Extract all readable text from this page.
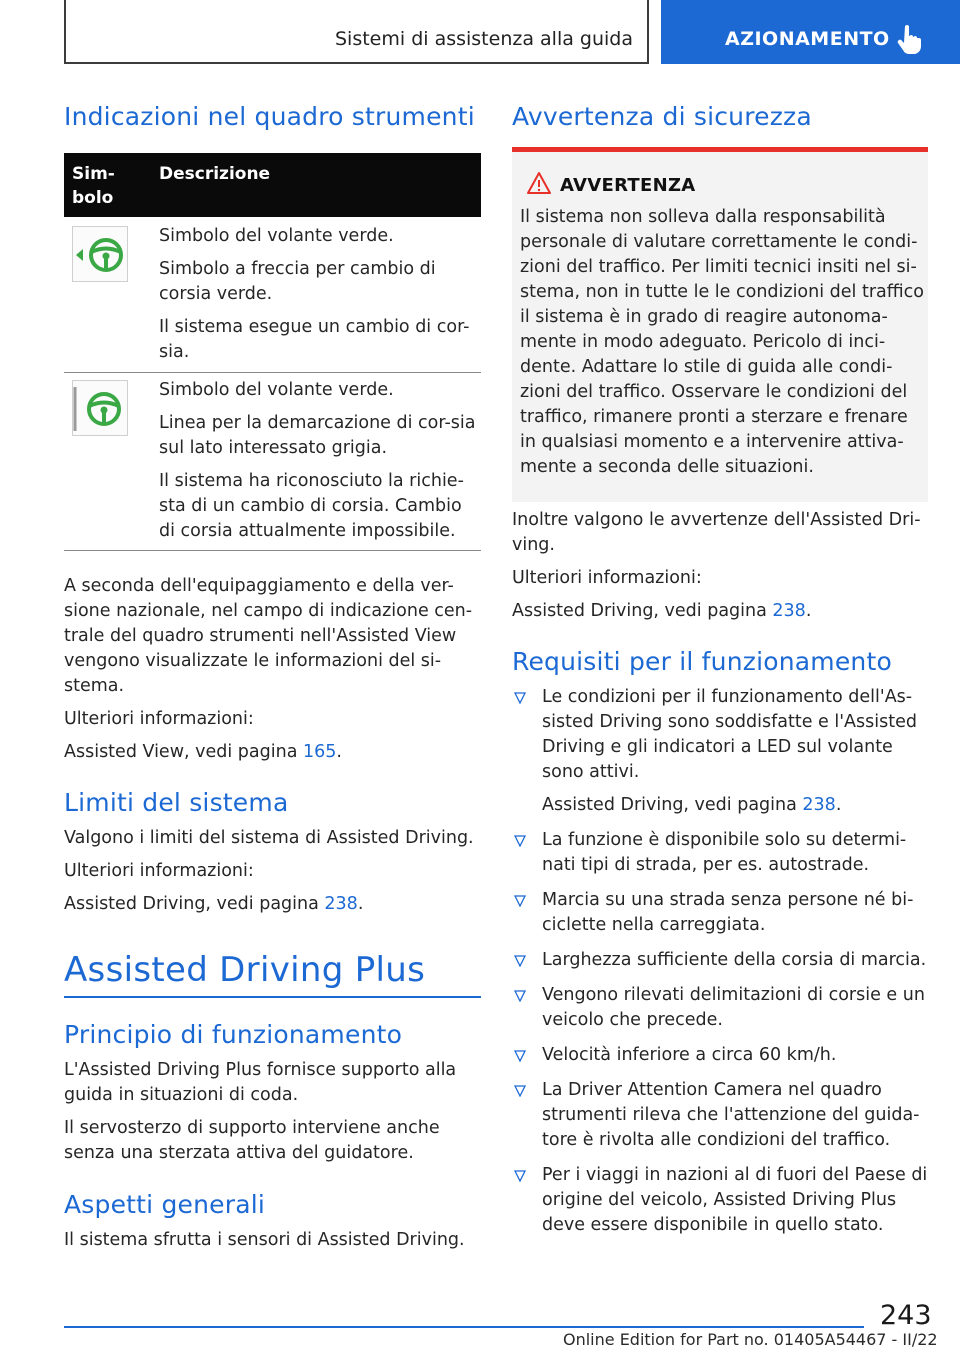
Sistemi di assistenza alla guida	AZIONAMENTO
Indicazioni nel quadro strumenti
Sim-
bolo
Descrizione
Simbolo del volante verde.
Simbolo a freccia per cambio di corsia verde.
Il sistema esegue un cambio di cor-sia.
Simbolo del volante verde.
Linea per la demarcazione di cor-sia sul lato interessato grigia.
Il sistema ha riconosciuto la richie-sta di un cambio di corsia. Cambio di corsia attualmente impossibile.
A seconda dell'equipaggiamento e della ver-sione nazionale, nel campo di indicazione cen-trale del quadro strumenti nell'Assisted View vengono visualizzate le informazioni del si-stema.
Ulteriori informazioni:
Assisted View, vedi pagina 165.
Limiti del sistema
Valgono i limiti del sistema di Assisted Driving.
Ulteriori informazioni:
Assisted Driving, vedi pagina 238.
Assisted Driving Plus
Principio di funzionamento
L'Assisted Driving Plus fornisce supporto alla guida in situazioni di coda.
Il servosterzo di supporto interviene anche senza una sterzata attiva del guidatore.
Aspetti generali
Il sistema sfrutta i sensori di Assisted Driving.
Avvertenza di sicurezza
AVVERTENZA
Il sistema non solleva dalla responsabilità personale di valutare correttamente le condi-zioni del traffico. Per limiti tecnici insiti nel si-stema, non in tutte le le condizioni del traffico il sistema è in grado di reagire autonoma-mente in modo adeguato. Pericolo di inci-dente. Adattare lo stile di guida alle condi-zioni del traffico. Osservare le condizioni del traffico, rimanere pronti a sterzare e frenare in qualsiasi momento e a intervenire attiva-mente a seconda delle situazioni.
Inoltre valgono le avvertenze dell'Assisted Dri-ving.
Ulteriori informazioni:
Assisted Driving, vedi pagina 238.
Requisiti per il funzionamento
Le condizioni per il funzionamento dell'As-sisted Driving sono soddisfatte e l'Assisted Driving e gli indicatori a LED sul volante sono attivi.
Assisted Driving, vedi pagina 238.
La funzione è disponibile solo su determi-nati tipi di strada, per es. autostrade.
Marcia su una strada senza persone né bi-ciclette nella carreggiata.
Larghezza sufficiente della corsia di marcia.
Vengono rilevati delimitazioni di corsie e un veicolo che precede.
Velocità inferiore a circa 60 km/h.
La Driver Attention Camera nel quadro strumenti rileva che l'attenzione del guida-tore è rivolta alle condizioni del traffico.
Per i viaggi in nazioni al di fuori del Paese di origine del veicolo, Assisted Driving Plus deve essere disponibile in quello stato.
243
Online Edition for Part no. 01405A54467 - II/22
